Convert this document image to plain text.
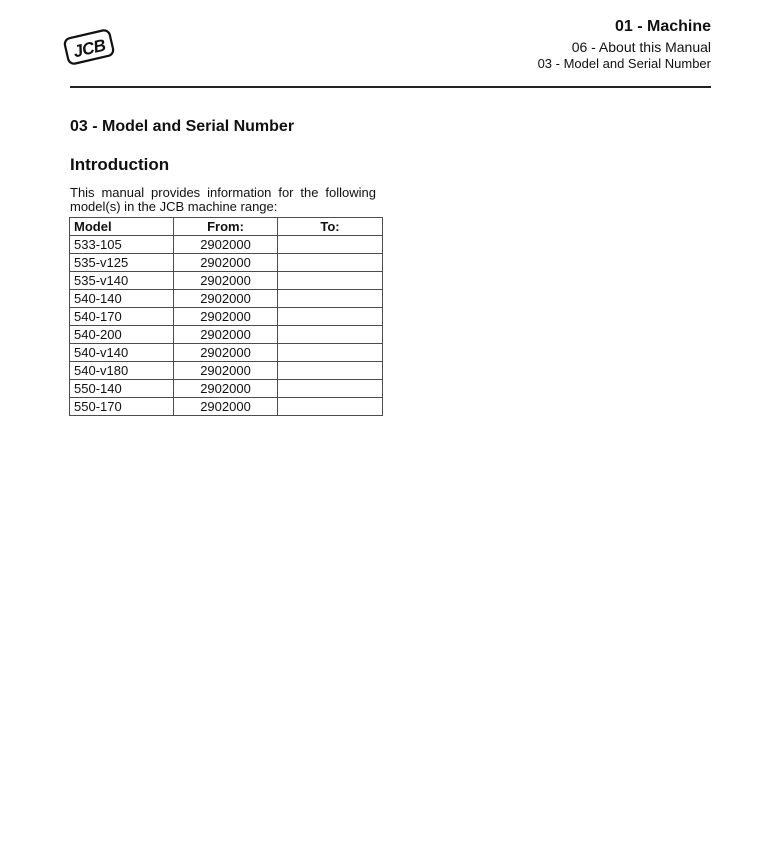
JCB
01 - Machine
06 - About this Manual
03 - Model and Serial Number
03 - Model and Serial Number
Introduction
This manual provides information for the following model(s) in the JCB machine range:
Model	From:	To:
533-105	2902000	
535-v125	2902000	
535-v140	2902000	
540-140	2902000	
540-170	2902000	
540-200	2902000	
540-v140	2902000	
540-v180	2902000	
550-140	2902000	
550-170	2902000	
